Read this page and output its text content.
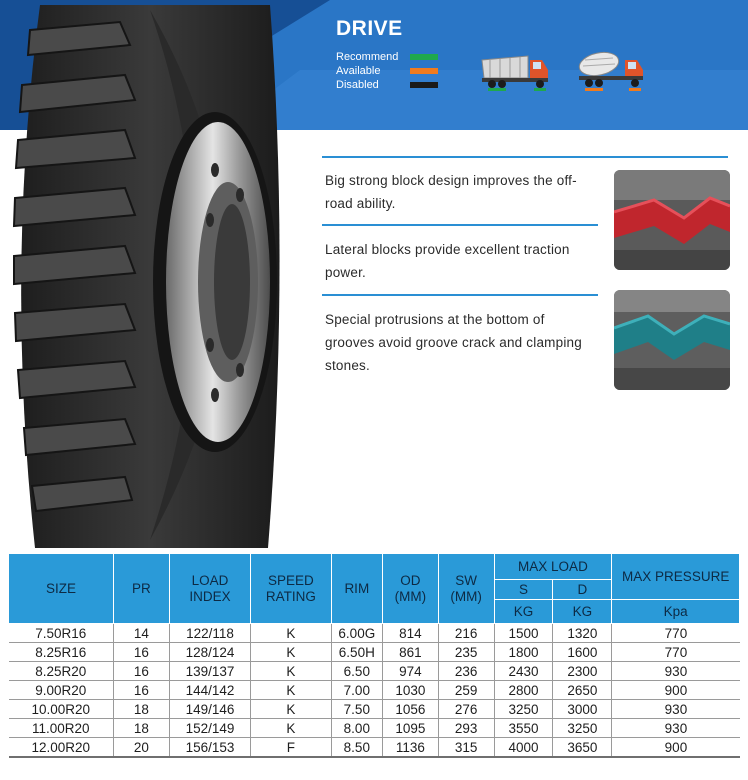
DRIVE
Recommend
Available
Disabled
Big strong block design improves the off-road ability.
Lateral blocks provide excellent traction power.
Special protrusions at the bottom of grooves avoid groove crack and clamping stones.
SIZE	PR	LOAD INDEX	SPEED RATING	RIM	OD (MM)	SW (MM)	MAX LOAD		MAX PRESSURE
							S	D	
							KG	KG	Kpa
7.50R16	14	122/118	K	6.00G	814	216	1500	1320	770
8.25R16	16	128/124	K	6.50H	861	235	1800	1600	770
8.25R20	16	139/137	K	6.50	974	236	2430	2300	930
9.00R20	16	144/142	K	7.00	1030	259	2800	2650	900
10.00R20	18	149/146	K	7.50	1056	276	3250	3000	930
11.00R20	18	152/149	K	8.00	1095	293	3550	3250	930
12.00R20	20	156/153	F	8.50	1136	315	4000	3650	900
